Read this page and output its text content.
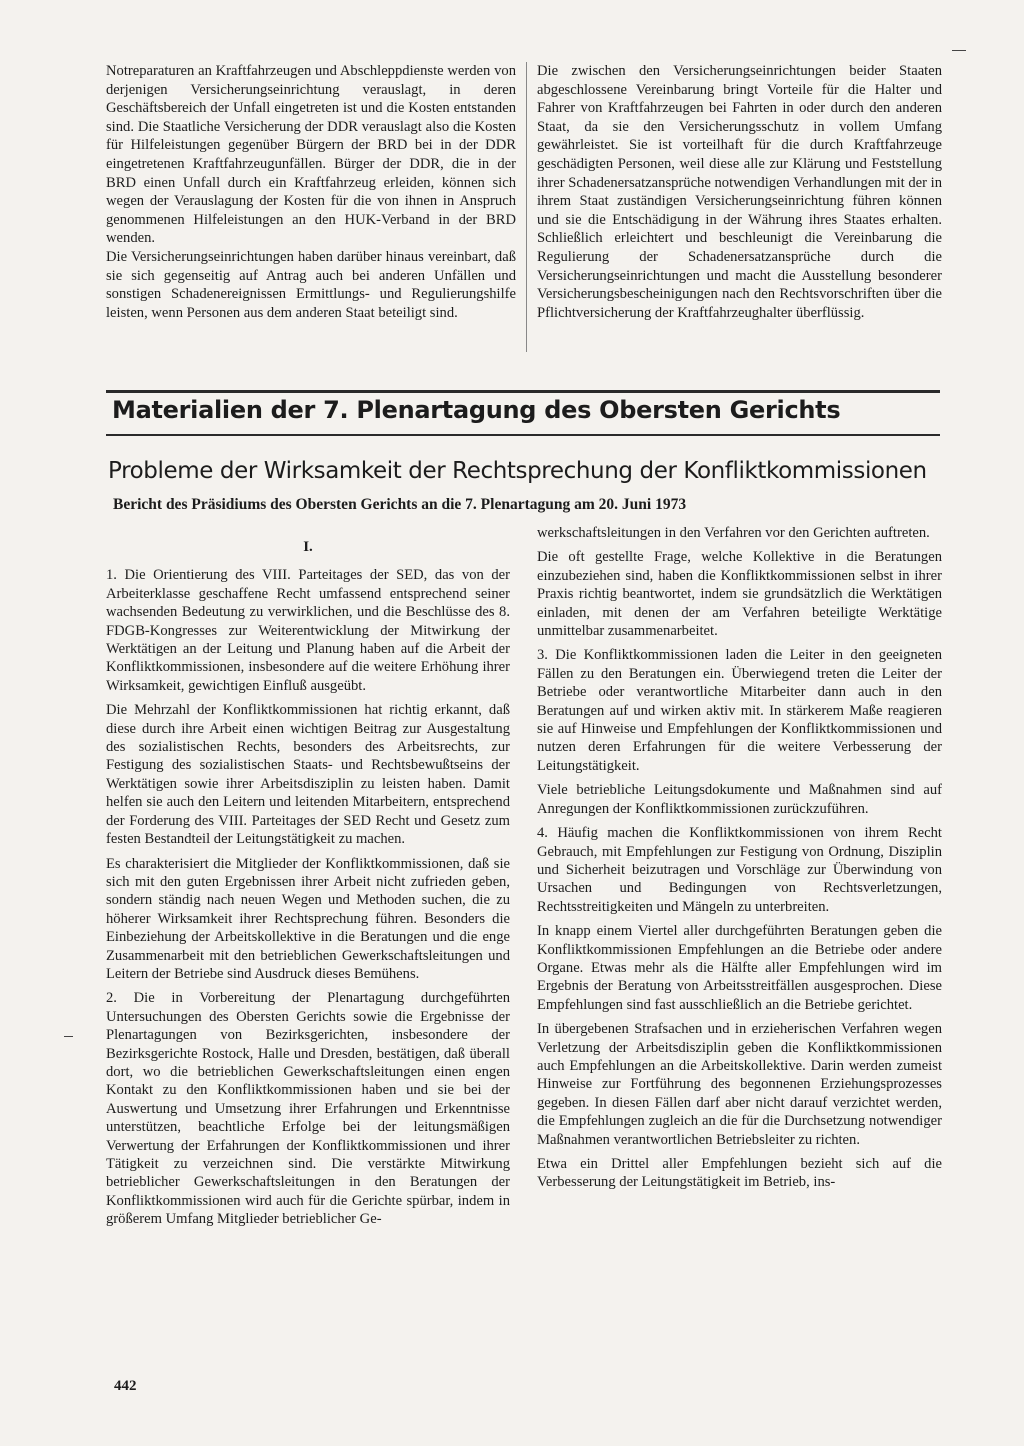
Notreparaturen an Kraftfahrzeugen und Abschleppdienste werden von derjenigen Versicherungseinrichtung verauslagt, in deren Geschäftsbereich der Unfall eingetreten ist und die Kosten entstanden sind. Die Staatliche Versicherung der DDR verauslagt also die Kosten für Hilfeleistungen gegenüber Bürgern der BRD bei in der DDR eingetretenen Kraftfahrzeugunfällen. Bürger der DDR, die in der BRD einen Unfall durch ein Kraftfahrzeug erleiden, können sich wegen der Verauslagung der Kosten für die von ihnen in Anspruch genommenen Hilfeleistungen an den HUK-Verband in der BRD wenden.

Die Versicherungseinrichtungen haben darüber hinaus vereinbart, daß sie sich gegenseitig auf Antrag auch bei anderen Unfällen und sonstigen Schadenereignissen Ermittlungs- und Regulierungshilfe leisten, wenn Personen aus dem anderen Staat beteiligt sind.

Die zwischen den Versicherungseinrichtungen beider Staaten abgeschlossene Vereinbarung bringt Vorteile für die Halter und Fahrer von Kraftfahrzeugen bei Fahrten in oder durch den anderen Staat, da sie den Versicherungsschutz in vollem Umfang gewährleistet. Sie ist vorteilhaft für die durch Kraftfahrzeuge geschädigten Personen, weil diese alle zur Klärung und Feststellung ihrer Schadenersatzansprüche notwendigen Verhandlungen mit der in ihrem Staat zuständigen Versicherungseinrichtung führen können und sie die Entschädigung in der Währung ihres Staates erhalten. Schließlich erleichtert und beschleunigt die Vereinbarung die Regulierung der Schadenersatzansprüche durch die Versicherungseinrichtungen und macht die Ausstellung besonderer Versicherungsbescheinigungen nach den Rechtsvorschriften über die Pflichtversicherung der Kraftfahrzeughalter überflüssig.

Materialien der 7. Plenartagung des Obersten Gerichts
Probleme der Wirksamkeit der Rechtsprechung der Konfliktkommissionen
Bericht des Präsidiums des Obersten Gerichts an die 7. Plenartagung am 20. Juni 1973

I.

1. Die Orientierung des VIII. Parteitages der SED, das von der Arbeiterklasse geschaffene Recht umfassend entsprechend seiner wachsenden Bedeutung zu verwirklichen, und die Beschlüsse des 8. FDGB-Kongresses zur Weiterentwicklung der Mitwirkung der Werktätigen an der Leitung und Planung haben auf die Arbeit der Konfliktkommissionen, insbesondere auf die weitere Erhöhung ihrer Wirksamkeit, gewichtigen Einfluß ausgeübt.

Die Mehrzahl der Konfliktkommissionen hat richtig erkannt, daß diese durch ihre Arbeit einen wichtigen Beitrag zur Ausgestaltung des sozialistischen Rechts, besonders des Arbeitsrechts, zur Festigung des sozialistischen Staats- und Rechtsbewußtseins der Werktätigen sowie ihrer Arbeitsdisziplin zu leisten haben. Damit helfen sie auch den Leitern und leitenden Mitarbeitern, entsprechend der Forderung des VIII. Parteitages der SED Recht und Gesetz zum festen Bestandteil der Leitungstätigkeit zu machen.

Es charakterisiert die Mitglieder der Konfliktkommissionen, daß sie sich mit den guten Ergebnissen ihrer Arbeit nicht zufrieden geben, sondern ständig nach neuen Wegen und Methoden suchen, die zu höherer Wirksamkeit ihrer Rechtsprechung führen. Besonders die Einbeziehung der Arbeitskollektive in die Beratungen und die enge Zusammenarbeit mit den betrieblichen Gewerkschaftsleitungen und Leitern der Betriebe sind Ausdruck dieses Bemühens.

2. Die in Vorbereitung der Plenartagung durchgeführten Untersuchungen des Obersten Gerichts sowie die Ergebnisse der Plenartagungen von Bezirksgerichten, insbesondere der Bezirksgerichte Rostock, Halle und Dresden, bestätigen, daß überall dort, wo die betrieblichen Gewerkschaftsleitungen einen engen Kontakt zu den Konfliktkommissionen haben und sie bei der Auswertung und Umsetzung ihrer Erfahrungen und Erkenntnisse unterstützen, beachtliche Erfolge bei der leitungsmäßigen Verwertung der Erfahrungen der Konfliktkommissionen und ihrer Tätigkeit zu verzeichnen sind. Die verstärkte Mitwirkung betrieblicher Gewerkschaftsleitungen in den Beratungen der Konfliktkommissionen wird auch für die Gerichte spürbar, indem in größerem Umfang Mitglieder betrieblicher Ge-

werkschaftsleitungen in den Verfahren vor den Gerichten auftreten.

Die oft gestellte Frage, welche Kollektive in die Beratungen einzubeziehen sind, haben die Konfliktkommissionen selbst in ihrer Praxis richtig beantwortet, indem sie grundsätzlich die Werktätigen einladen, mit denen der am Verfahren beteiligte Werktätige unmittelbar zusammenarbeitet.

3. Die Konfliktkommissionen laden die Leiter in den geeigneten Fällen zu den Beratungen ein. Überwiegend treten die Leiter der Betriebe oder verantwortliche Mitarbeiter dann auch in den Beratungen auf und wirken aktiv mit. In stärkerem Maße reagieren sie auf Hinweise und Empfehlungen der Konfliktkommissionen und nutzen deren Erfahrungen für die weitere Verbesserung der Leitungstätigkeit.

Viele betriebliche Leitungsdokumente und Maßnahmen sind auf Anregungen der Konfliktkommissionen zurückzuführen.

4. Häufig machen die Konfliktkommissionen von ihrem Recht Gebrauch, mit Empfehlungen zur Festigung von Ordnung, Disziplin und Sicherheit beizutragen und Vorschläge zur Überwindung von Ursachen und Bedingungen von Rechtsverletzungen, Rechtsstreitigkeiten und Mängeln zu unterbreiten.

In knapp einem Viertel aller durchgeführten Beratungen geben die Konfliktkommissionen Empfehlungen an die Betriebe oder andere Organe. Etwas mehr als die Hälfte aller Empfehlungen wird im Ergebnis der Beratung von Arbeitsstreitfällen ausgesprochen. Diese Empfehlungen sind fast ausschließlich an die Betriebe gerichtet.

In übergebenen Strafsachen und in erzieherischen Verfahren wegen Verletzung der Arbeitsdisziplin geben die Konfliktkommissionen auch Empfehlungen an die Arbeitskollektive. Darin werden zumeist Hinweise zur Fortführung des begonnenen Erziehungsprozesses gegeben. In diesen Fällen darf aber nicht darauf verzichtet werden, die Empfehlungen zugleich an die für die Durchsetzung notwendiger Maßnahmen verantwortlichen Betriebsleiter zu richten.

Etwa ein Drittel aller Empfehlungen bezieht sich auf die Verbesserung der Leitungstätigkeit im Betrieb, ins-

442
